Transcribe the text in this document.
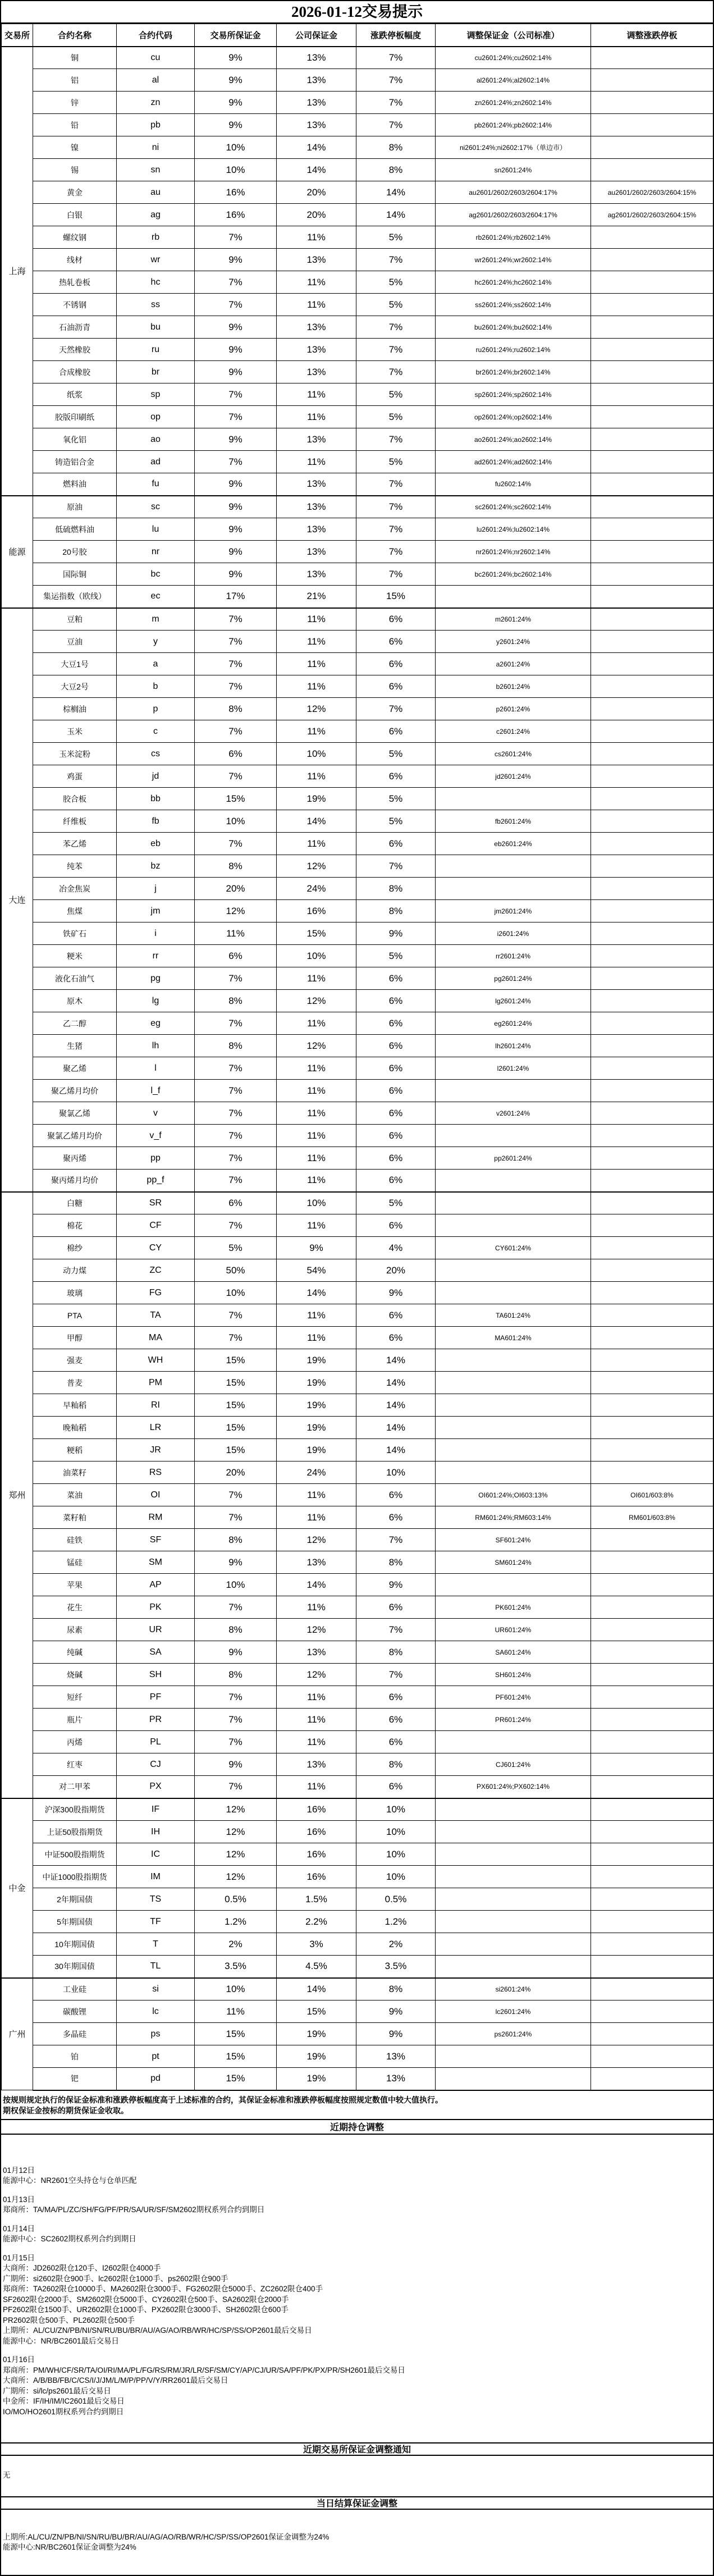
2026-01-12交易提示
交易所	合约名称	合约代码	交易所保证金	公司保证金	涨跌停板幅度	调整保证金（公司标准）	调整涨跌停板
上海	铜	cu	9%	13%	7%	cu2601:24%;cu2602:14%	
	铝	al	9%	13%	7%	al2601:24%;al2602:14%	
	锌	zn	9%	13%	7%	zn2601:24%;zn2602:14%	
	铅	pb	9%	13%	7%	pb2601:24%;pb2602:14%	
	镍	ni	10%	14%	8%	ni2601:24%;ni2602:17%（单边市）	
	锡	sn	10%	14%	8%	sn2601:24%	
	黄金	au	16%	20%	14%	au2601/2602/2603/2604:17%	au2601/2602/2603/2604:15%
	白银	ag	16%	20%	14%	ag2601/2602/2603/2604:17%	ag2601/2602/2603/2604:15%
	螺纹钢	rb	7%	11%	5%	rb2601:24%;rb2602:14%	
	线材	wr	9%	13%	7%	wr2601:24%;wr2602:14%	
	热轧卷板	hc	7%	11%	5%	hc2601:24%;hc2602:14%	
	不锈钢	ss	7%	11%	5%	ss2601:24%;ss2602:14%	
	石油沥青	bu	9%	13%	7%	bu2601:24%;bu2602:14%	
	天然橡胶	ru	9%	13%	7%	ru2601:24%;ru2602:14%	
	合成橡胶	br	9%	13%	7%	br2601:24%;br2602:14%	
	纸浆	sp	7%	11%	5%	sp2601:24%;sp2602:14%	
	胶版印刷纸	op	7%	11%	5%	op2601:24%;op2602:14%	
	氧化铝	ao	9%	13%	7%	ao2601:24%;ao2602:14%	
	铸造铝合金	ad	7%	11%	5%	ad2601:24%;ad2602:14%	
	燃料油	fu	9%	13%	7%	fu2602:14%	
能源	原油	sc	9%	13%	7%	sc2601:24%;sc2602:14%	
	低硫燃料油	lu	9%	13%	7%	lu2601:24%;lu2602:14%	
	20号胶	nr	9%	13%	7%	nr2601:24%;nr2602:14%	
	国际铜	bc	9%	13%	7%	bc2601:24%;bc2602:14%	
	集运指数（欧线）	ec	17%	21%	15%		
大连	豆粕	m	7%	11%	6%	m2601:24%	
	豆油	y	7%	11%	6%	y2601:24%	
	大豆1号	a	7%	11%	6%	a2601:24%	
	大豆2号	b	7%	11%	6%	b2601:24%	
	棕榈油	p	8%	12%	7%	p2601:24%	
	玉米	c	7%	11%	6%	c2601:24%	
	玉米淀粉	cs	6%	10%	5%	cs2601:24%	
	鸡蛋	jd	7%	11%	6%	jd2601:24%	
	胶合板	bb	15%	19%	5%		
	纤维板	fb	10%	14%	5%	fb2601:24%	
	苯乙烯	eb	7%	11%	6%	eb2601:24%	
	纯苯	bz	8%	12%	7%		
	冶金焦炭	j	20%	24%	8%		
	焦煤	jm	12%	16%	8%	jm2601:24%	
	铁矿石	i	11%	15%	9%	i2601:24%	
	粳米	rr	6%	10%	5%	rr2601:24%	
	液化石油气	pg	7%	11%	6%	pg2601:24%	
	原木	lg	8%	12%	6%	lg2601:24%	
	乙二醇	eg	7%	11%	6%	eg2601:24%	
	生猪	lh	8%	12%	6%	lh2601:24%	
	聚乙烯	l	7%	11%	6%	l2601:24%	
	聚乙烯月均价	l_f	7%	11%	6%		
	聚氯乙烯	v	7%	11%	6%	v2601:24%	
	聚氯乙烯月均价	v_f	7%	11%	6%		
	聚丙烯	pp	7%	11%	6%	pp2601:24%	
	聚丙烯月均价	pp_f	7%	11%	6%		
郑州	白糖	SR	6%	10%	5%		
	棉花	CF	7%	11%	6%		
	棉纱	CY	5%	9%	4%	CY601:24%	
	动力煤	ZC	50%	54%	20%		
	玻璃	FG	10%	14%	9%		
	PTA	TA	7%	11%	6%	TA601:24%	
	甲醇	MA	7%	11%	6%	MA601:24%	
	强麦	WH	15%	19%	14%		
	普麦	PM	15%	19%	14%		
	早籼稻	RI	15%	19%	14%		
	晚籼稻	LR	15%	19%	14%		
	粳稻	JR	15%	19%	14%		
	油菜籽	RS	20%	24%	10%		
	菜油	OI	7%	11%	6%	OI601:24%;OI603:13%	OI601/603:8%
	菜籽粕	RM	7%	11%	6%	RM601:24%;RM603:14%	RM601/603:8%
	硅铁	SF	8%	12%	7%	SF601:24%	
	锰硅	SM	9%	13%	8%	SM601:24%	
	苹果	AP	10%	14%	9%		
	花生	PK	7%	11%	6%	PK601:24%	
	尿素	UR	8%	12%	7%	UR601:24%	
	纯碱	SA	9%	13%	8%	SA601:24%	
	烧碱	SH	8%	12%	7%	SH601:24%	
	短纤	PF	7%	11%	6%	PF601:24%	
	瓶片	PR	7%	11%	6%	PR601:24%	
	丙烯	PL	7%	11%	6%		
	红枣	CJ	9%	13%	8%	CJ601:24%	
	对二甲苯	PX	7%	11%	6%	PX601:24%;PX602:14%	
中金	沪深300股指期货	IF	12%	16%	10%		
	上证50股指期货	IH	12%	16%	10%		
	中证500股指期货	IC	12%	16%	10%		
	中证1000股指期货	IM	12%	16%	10%		
	2年期国债	TS	0.5%	1.5%	0.5%		
	5年期国债	TF	1.2%	2.2%	1.2%		
	10年期国债	T	2%	3%	2%		
	30年期国债	TL	3.5%	4.5%	3.5%		
广州	工业硅	si	10%	14%	8%	si2601:24%	
	碳酸锂	lc	11%	15%	9%	lc2601:24%	
	多晶硅	ps	15%	19%	9%	ps2601:24%	
	铂	pt	15%	19%	13%		
	钯	pd	15%	19%	13%		
按规则规定执行的保证金标准和涨跌停板幅度高于上述标准的合约，其保证金标准和涨跌停板幅度按照规定数值中较大值执行。
期权保证金按标的期货保证金收取。
近期持仓调整
01月12日
能源中心：NR2601空头持仓与仓单匹配
01月13日
郑商所：TA/MA/PL/ZC/SH/FG/PF/PR/SA/UR/SF/SM2602期权系列合约到期日
01月14日
能源中心：SC2602期权系列合约到期日
01月15日
大商所：JD2602限仓120手、I2602限仓4000手
广期所：si2602限仓900手、lc2602限仓1000手、ps2602限仓900手
郑商所：TA2602限仓10000手、MA2602限仓3000手、FG2602限仓5000手、ZC2602限仓400手
SF2602限仓2000手、SM2602限仓5000手、CY2602限仓500手、SA2602限仓2000手
PF2602限仓1500手、UR2602限仓1000手、PX2602限仓3000手、SH2602限仓600手
PR2602限仓500手、PL2602限仓500手
上期所：AL/CU/ZN/PB/NI/SN/RU/BU/BR/AU/AG/AO/RB/WR/HC/SP/SS/OP2601最后交易日
能源中心：NR/BC2601最后交易日
01月16日
郑商所：PM/WH/CF/SR/TA/OI/RI/MA/PL/FG/RS/RM/JR/LR/SF/SM/CY/AP/CJ/UR/SA/PF/PK/PX/PR/SH2601最后交易日
大商所：A/B/BB/FB/C/CS/I/J/JM/L/M/P/PP/V/Y/RR2601最后交易日
广期所：si/lc/ps2601最后交易日
中金所：IF/IH/IM/IC2601最后交易日
IO/MO/HO2601期权系列合约到期日
近期交易所保证金调整通知
无
当日结算保证金调整
上期所:AL/CU/ZN/PB/NI/SN/RU/BU/BR/AU/AG/AO/RB/WR/HC/SP/SS/OP2601保证金调整为24%
能源中心:NR/BC2601保证金调整为24%
